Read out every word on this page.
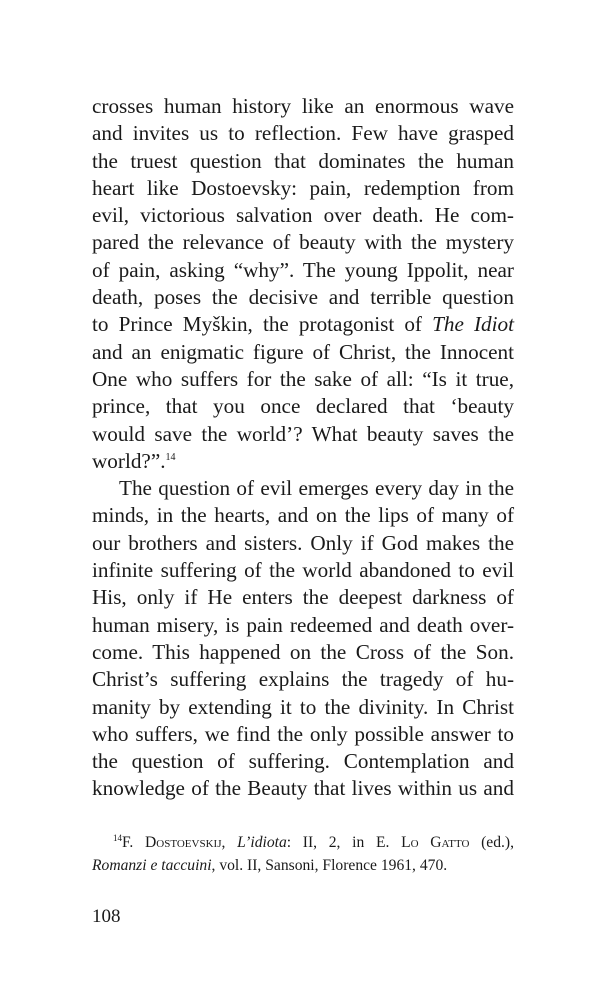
crosses human history like an enormous wave
and invites us to reflection. Few have grasped
the truest question that dominates the human
heart like Dostoevsky: pain, redemption from
evil, victorious salvation over death. He com-
pared the relevance of beauty with the mystery
of pain, asking “why”. The young Ippolit, near
death, poses the decisive and terrible question
to Prince Myškin, the protagonist of The Idiot
and an enigmatic figure of Christ, the Innocent
One who suffers for the sake of all: “Is it true,
prince, that you once declared that ‘beauty
would save the world’? What beauty saves the
world?”.$^{14}$
The question of evil emerges every day in the
minds, in the hearts, and on the lips of many of
our brothers and sisters. Only if God makes the
infinite suffering of the world abandoned to evil
His, only if He enters the deepest darkness of
human misery, is pain redeemed and death over-
come. This happened on the Cross of the Son.
Christ’s suffering explains the tragedy of hu-
manity by extending it to the divinity. In Christ
who suffers, we find the only possible answer to
the question of suffering. Contemplation and
knowledge of the Beauty that lives within us and
$^{14}$F. Dostoevskij, L’idiota: II, 2, in E. Lo Gatto (ed.),
Romanzi e taccuini, vol. II, Sansoni, Florence 1961, 470.
108
